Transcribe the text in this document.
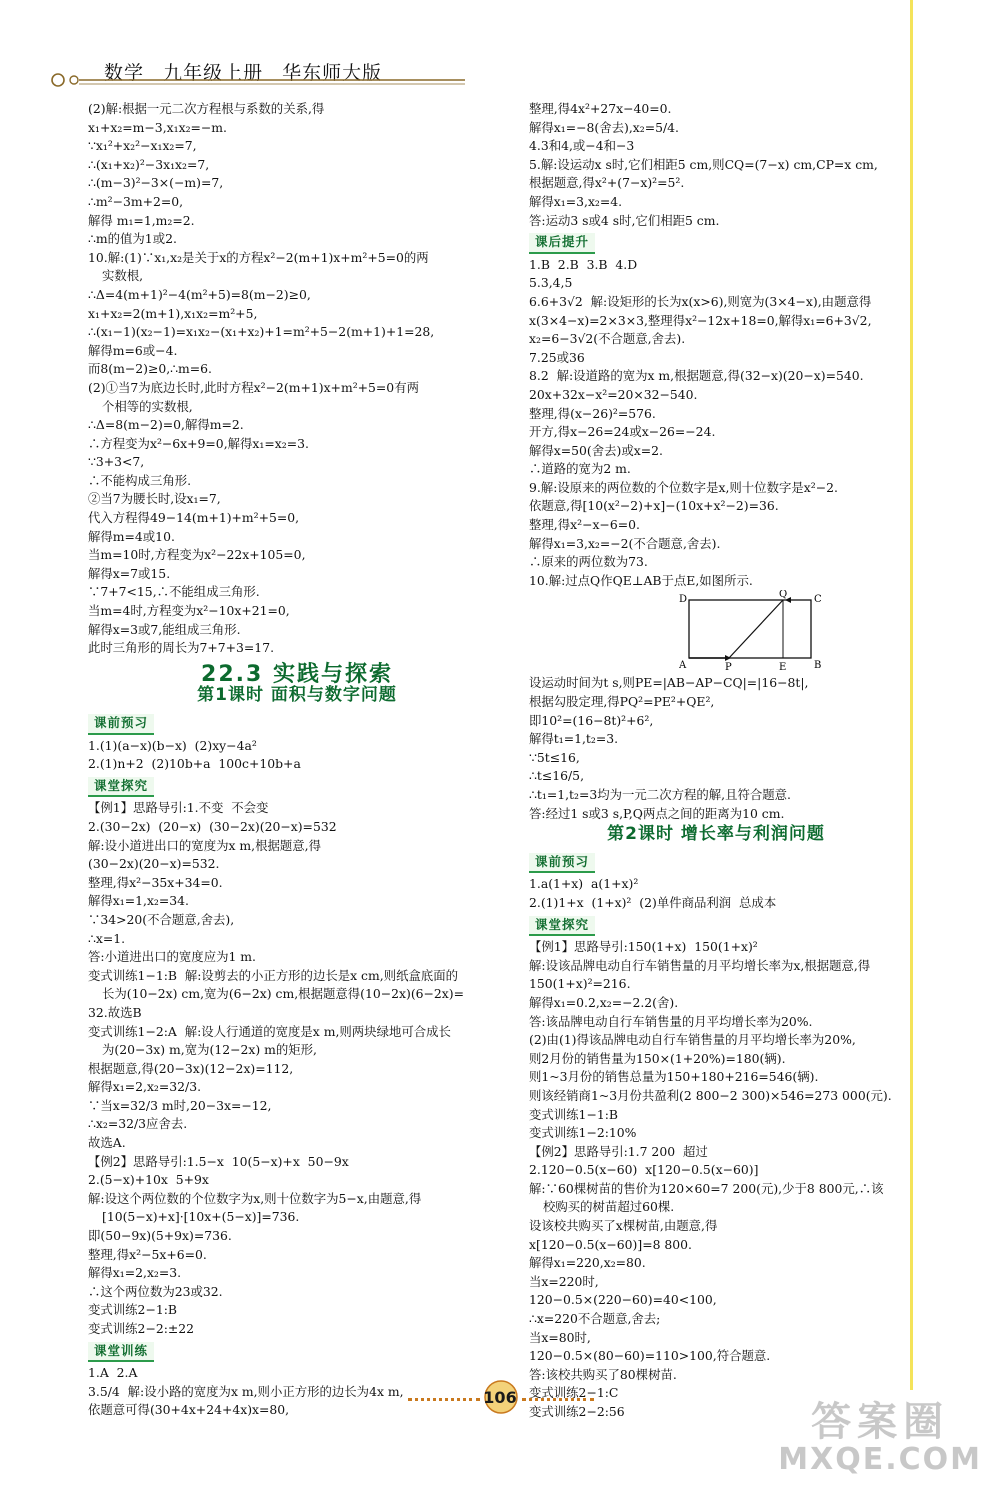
数学 九年级上册 华东师大版
(2)解:根据一元二次方程根与系数的关系,得
x₁+x₂=m−3,x₁x₂=−m.
∵x₁²+x₂²−x₁x₂=7,
∴(x₁+x₂)²−3x₁x₂=7,
∴(m−3)²−3×(−m)=7,
∴m²−3m+2=0,
解得 m₁=1,m₂=2.
∴m的值为1或2.
10.解:(1)∵x₁,x₂是关于x的方程x²−2(m+1)x+m²+5=0的两
实数根,
∴Δ=4(m+1)²−4(m²+5)=8(m−2)≥0,
x₁+x₂=2(m+1),x₁x₂=m²+5,
∴(x₁−1)(x₂−1)=x₁x₂−(x₁+x₂)+1=m²+5−2(m+1)+1=28,
解得m=6或−4.
而8(m−2)≥0,∴m=6.
(2)①当7为底边长时,此时方程x²−2(m+1)x+m²+5=0有两
个相等的实数根,
∴Δ=8(m−2)=0,解得m=2.
∴方程变为x²−6x+9=0,解得x₁=x₂=3.
∵3+3<7,
∴不能构成三角形.
②当7为腰长时,设x₁=7,
代入方程得49−14(m+1)+m²+5=0,
解得m=4或10.
当m=10时,方程变为x²−22x+105=0,
解得x=7或15.
∵7+7<15,∴不能组成三角形.
当m=4时,方程变为x²−10x+21=0,
解得x=3或7,能组成三角形.
此时三角形的周长为7+7+3=17.
22.3 实践与探索
第1课时 面积与数字问题
课前预习
1.(1)(a−x)(b−x)  (2)xy−4a²
2.(1)n+2  (2)10b+a  100c+10b+a
课堂探究
【例1】思路导引:1.不变  不会变
2.(30−2x)  (20−x)  (30−2x)(20−x)=532
解:设小道进出口的宽度为x m,根据题意,得
(30−2x)(20−x)=532.
整理,得x²−35x+34=0.
解得x₁=1,x₂=34.
∵34>20(不合题意,舍去),
∴x=1.
答:小道进出口的宽度应为1 m.
变式训练1−1:B  解:设剪去的小正方形的边长是x cm,则纸盒底面的
长为(10−2x) cm,宽为(6−2x) cm,根据题意得(10−2x)(6−2x)=
32.故选B
变式训练1−2:A  解:设人行通道的宽度是x m,则两块绿地可合成长
为(20−3x) m,宽为(12−2x) m的矩形,
根据题意,得(20−3x)(12−2x)=112,
解得x₁=2,x₂=32/3.
∵当x=32/3 m时,20−3x=−12,
∴x₂=32/3应舍去.
故选A.
【例2】思路导引:1.5−x  10(5−x)+x  50−9x
2.(5−x)+10x  5+9x
解:设这个两位数的个位数字为x,则十位数字为5−x,由题意,得
[10(5−x)+x]·[10x+(5−x)]=736.
即(50−9x)(5+9x)=736.
整理,得x²−5x+6=0.
解得x₁=2,x₂=3.
∴这个两位数为23或32.
变式训练2−1:B
变式训练2−2:±22
课堂训练
1.A  2.A
3.5/4  解:设小路的宽度为x m,则小正方形的边长为4x m,
依题意可得(30+4x+24+4x)x=80,
整理,得4x²+27x−40=0.
解得x₁=−8(舍去),x₂=5/4.
4.3和4,或−4和−3
5.解:设运动x s时,它们相距5 cm,则CQ=(7−x) cm,CP=x cm,
根据题意,得x²+(7−x)²=5².
解得x₁=3,x₂=4.
答:运动3 s或4 s时,它们相距5 cm.
课后提升
1.B  2.B  3.B  4.D
5.3,4,5
6.6+3√2  解:设矩形的长为x(x>6),则宽为(3×4−x),由题意得
x(3×4−x)=2×3×3,整理得x²−12x+18=0,解得x₁=6+3√2,
x₂=6−3√2(不合题意,舍去).
7.25或36
8.2  解:设道路的宽为x m,根据题意,得(32−x)(20−x)=540.
20x+32x−x²=20×32−540.
整理,得(x−26)²=576.
开方,得x−26=24或x−26=−24.
解得x=50(舍去)或x=2.
∴道路的宽为2 m.
9.解:设原来的两位数的个位数字是x,则十位数字是x²−2.
依题意,得[10(x²−2)+x]−(10x+x²−2)=36.
整理,得x²−x−6=0.
解得x₁=3,x₂=−2(不合题意,舍去).
∴原来的两位数为73.
10.解:过点Q作QE⊥AB于点E,如图所示.
D	Q	C
A	P	E	B
设运动时间为t s,则PE=|AB−AP−CQ|=|16−8t|,
根据勾股定理,得PQ²=PE²+QE²,
即10²=(16−8t)²+6²,
解得t₁=1,t₂=3.
∵5t≤16,
∴t≤16/5,
∴t₁=1,t₂=3均为一元二次方程的解,且符合题意.
答:经过1 s或3 s,P,Q两点之间的距离为10 cm.
第2课时 增长率与利润问题
课前预习
1.a(1+x)  a(1+x)²
2.(1)1+x  (1+x)²  (2)单件商品利润  总成本
课堂探究
【例1】思路导引:150(1+x)  150(1+x)²
解:设该品牌电动自行车销售量的月平均增长率为x,根据题意,得
150(1+x)²=216.
解得x₁=0.2,x₂=−2.2(舍).
答:该品牌电动自行车销售量的月平均增长率为20%.
(2)由(1)得该品牌电动自行车销售量的月平均增长率为20%,
则2月份的销售量为150×(1+20%)=180(辆).
则1~3月份的销售总量为150+180+216=546(辆).
则该经销商1~3月份共盈利(2 800−2 300)×546=273 000(元).
变式训练1−1:B
变式训练1−2:10%
【例2】思路导引:1.7 200  超过
2.120−0.5(x−60)  x[120−0.5(x−60)]
解:∵60棵树苗的售价为120×60=7 200(元),少于8 800元,∴该
校购买的树苗超过60棵.
设该校共购买了x棵树苗,由题意,得
x[120−0.5(x−60)]=8 800.
解得x₁=220,x₂=80.
当x=220时,
120−0.5×(220−60)=40<100,
∴x=220不合题意,舍去;
当x=80时,
120−0.5×(80−60)=110>100,符合题意.
答:该校共购买了80棵树苗.
变式训练2−1:C
变式训练2−2:56
106
答案圈
MXQE.COM
